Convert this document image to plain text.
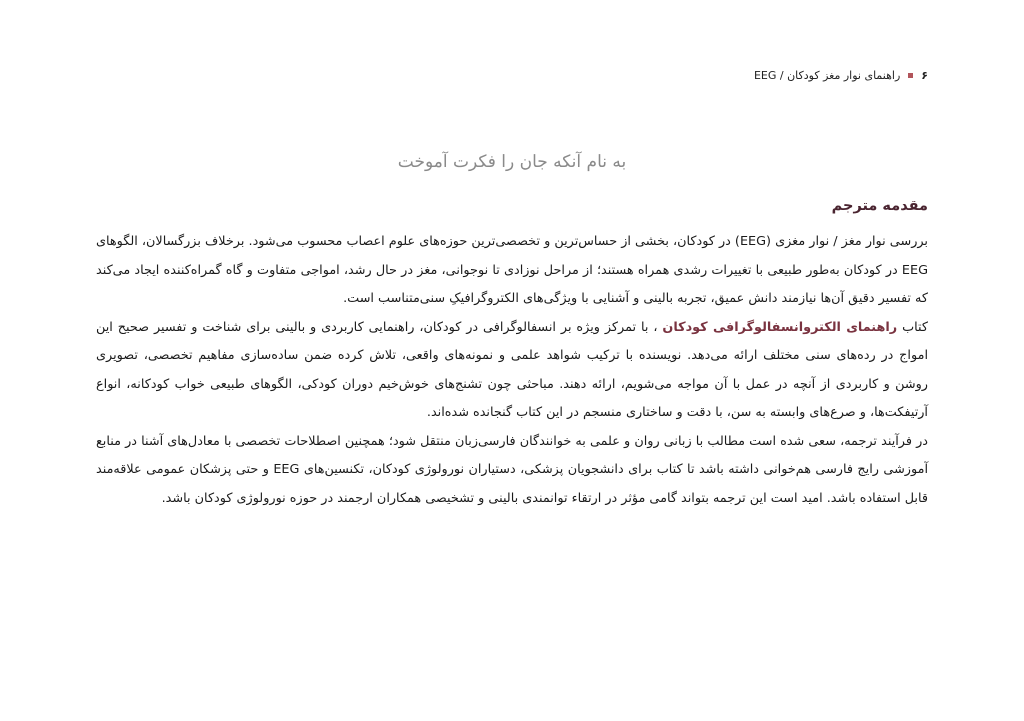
۶
راهنمای نوار مغز کودکان / EEG
به نام آنکه جان را فکرت آموخت
مقدمه مترجم

بررسی نوار مغز / نوار مغزی (EEG) در کودکان، بخشی از حساس‌ترین و تخصصی‌ترین حوزه‌های علوم اعصاب محسوب می‌شود. برخلاف بزرگسالان، الگوهای EEG در کودکان به‌طور طبیعی با تغییرات رشدی همراه هستند؛ از مراحل نوزادی تا نوجوانی، مغز در حال رشد، امواجی متفاوت و گاه گمراه‌کننده ایجاد می‌کند که تفسیر دقیق آن‌ها نیازمند دانش عمیق، تجربه بالینی و آشنایی با ویژگی‌های الکتروگرافیکِ سنی‌متناسب است.

کتاب راهنمای الکتروانسفالوگرافی کودکان ، با تمرکز ویژه بر انسفالوگرافی در کودکان، راهنمایی کاربردی و بالینی برای شناخت و تفسیر صحیح این امواج در رده‌های سنی مختلف ارائه می‌دهد. نویسنده با ترکیب شواهد علمی و نمونه‌های واقعی، تلاش کرده ضمن ساده‌سازی مفاهیم تخصصی، تصویری روشن و کاربردی از آنچه در عمل با آن مواجه می‌شویم، ارائه دهند. مباحثی چون تشنج‌های خوش‌خیم دوران کودکی، الگوهای طبیعی خواب کودکانه، انواع آرتیفکت‌ها، و صرع‌های وابسته به سن، با دقت و ساختاری منسجم در این کتاب گنجانده شده‌اند.

در فرآیند ترجمه، سعی شده است مطالب با زبانی روان و علمی به خوانندگان فارسی‌زبان منتقل شود؛ همچنین اصطلاحات تخصصی با معادل‌های آشنا در منابع آموزشی رایج فارسی هم‌خوانی داشته باشد تا کتاب برای دانشجویان پزشکی، دستیاران نورولوژی کودکان، تکنسین‌های EEG و حتی پزشکان عمومی علاقه‌مند قابل استفاده باشد. امید است این ترجمه بتواند گامی مؤثر در ارتقاء توانمندی بالینی و تشخیصی همکاران ارجمند در حوزه نورولوژی کودکان باشد.
